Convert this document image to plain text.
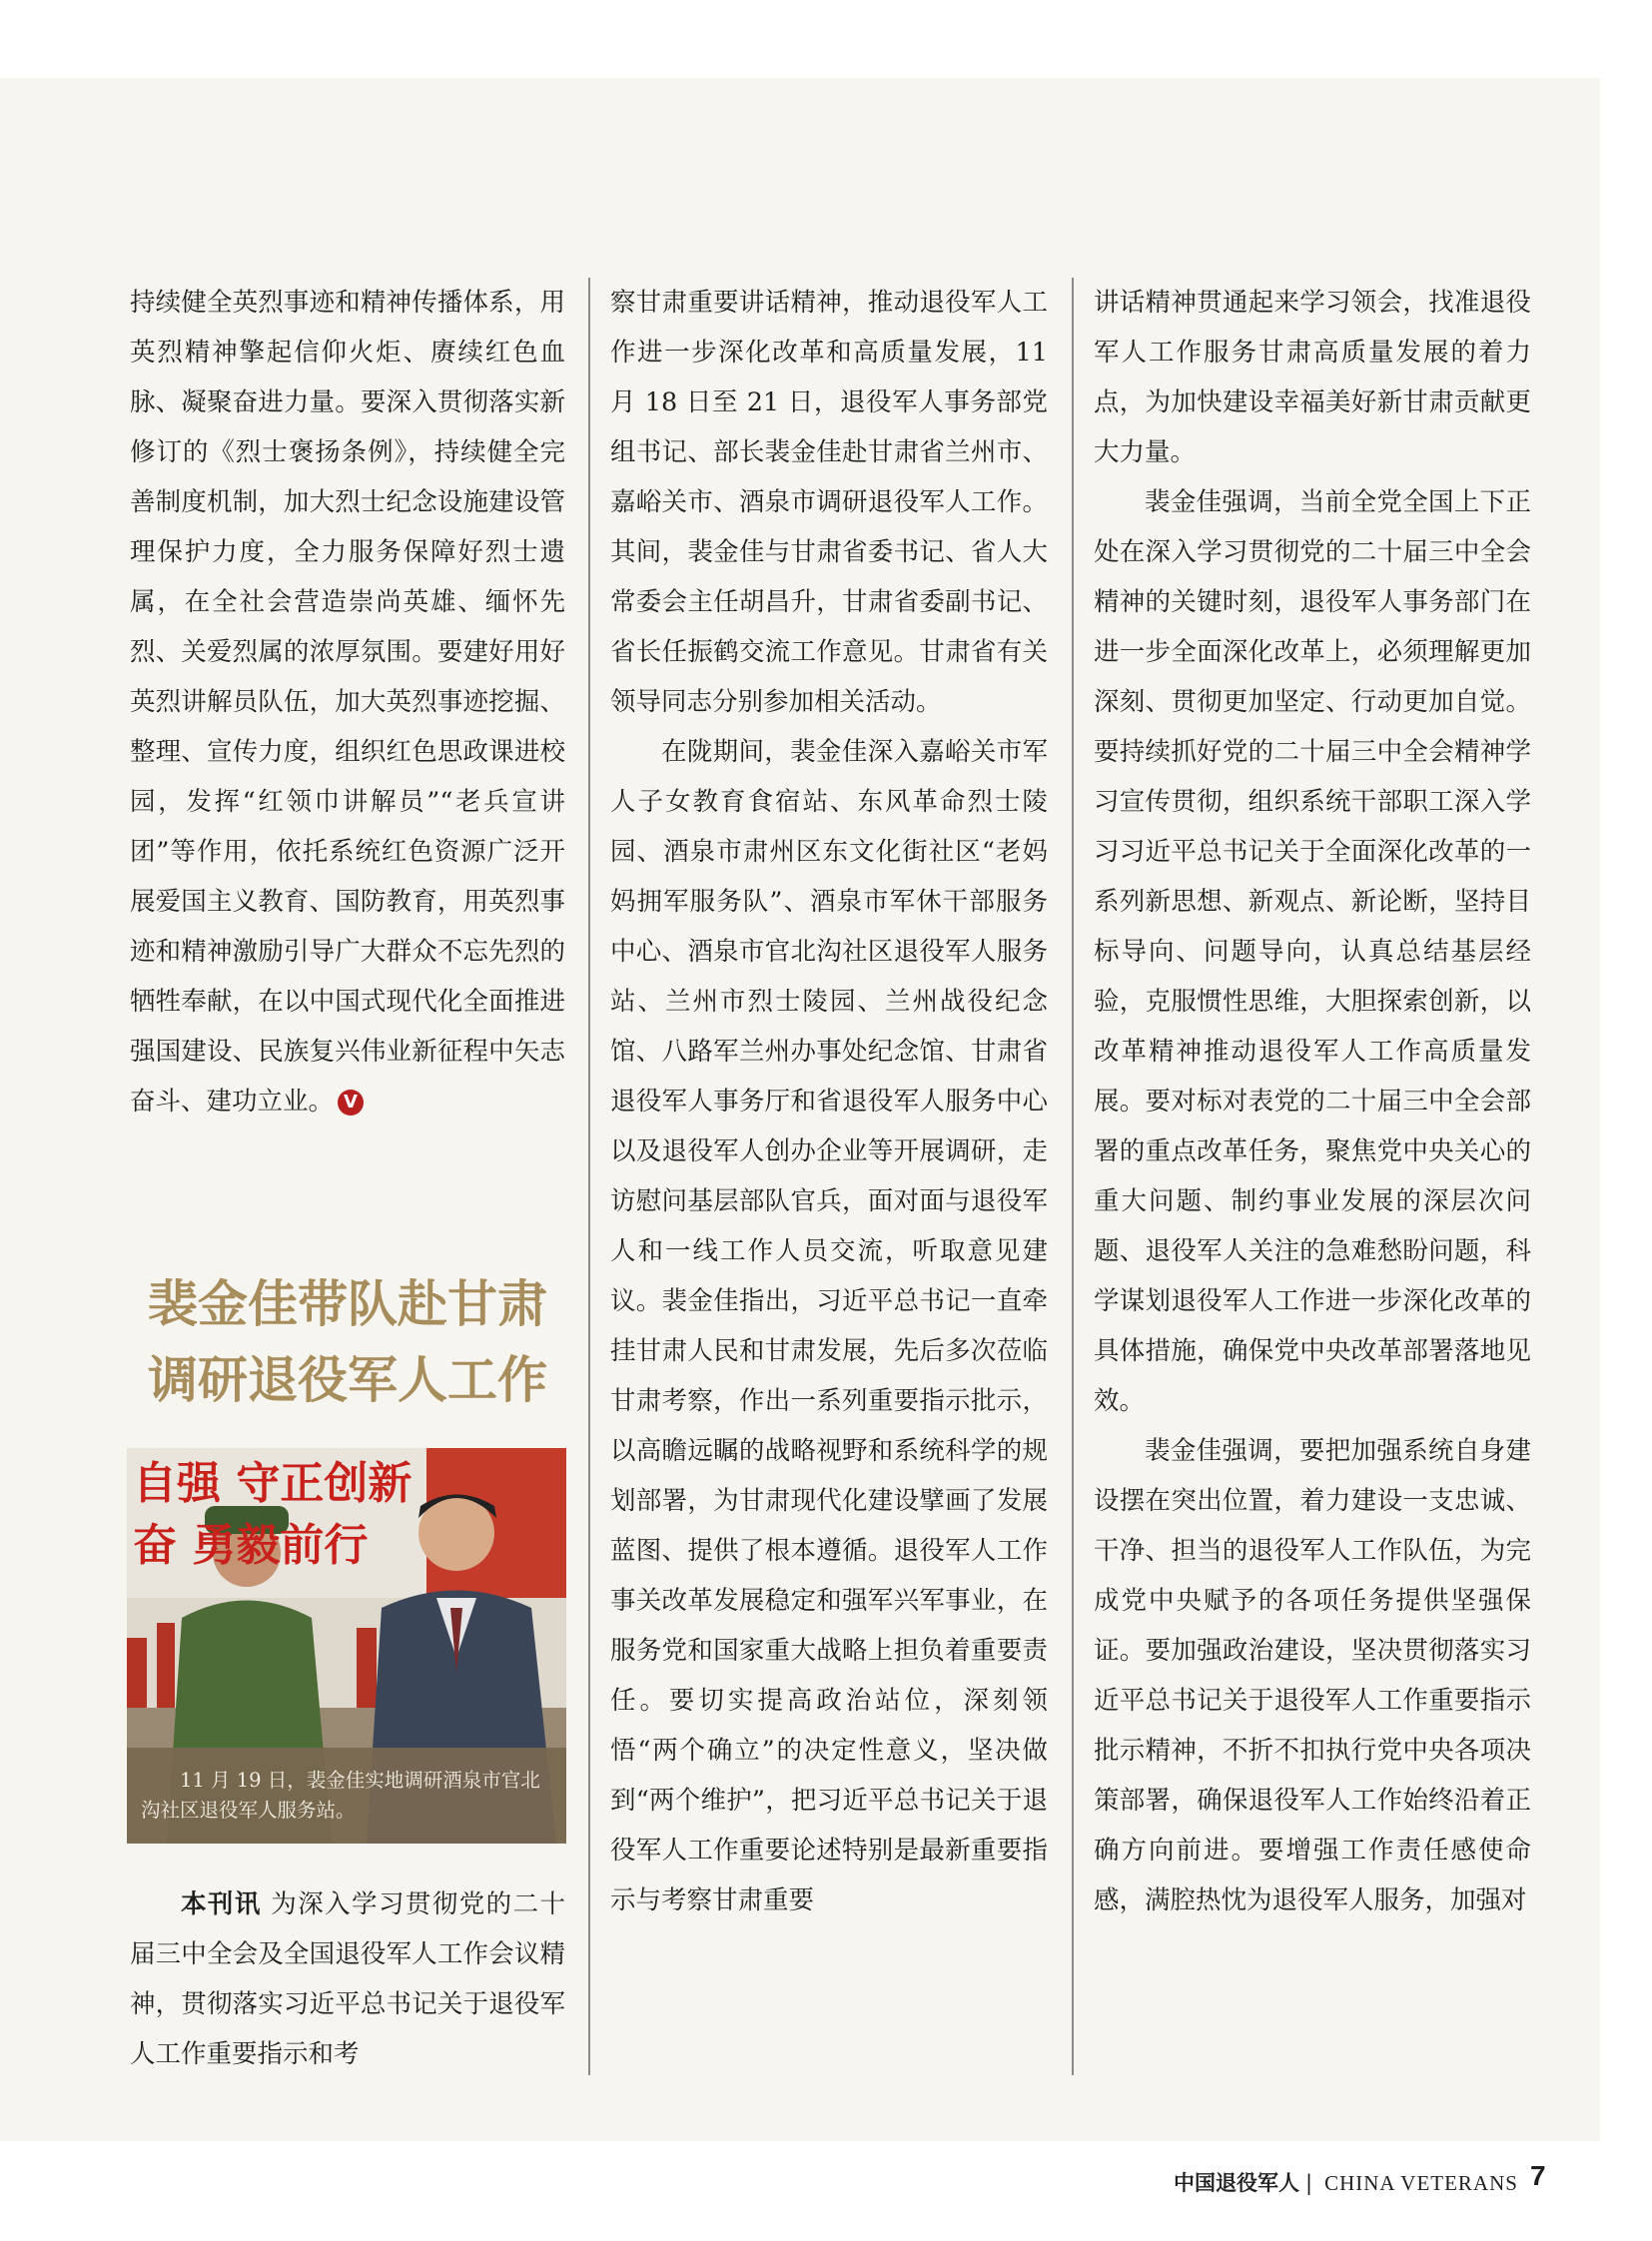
持续健全英烈事迹和精神传播体系，用英烈精神擎起信仰火炬、赓续红色血脉、凝聚奋进力量。要深入贯彻落实新修订的《烈士褒扬条例》，持续健全完善制度机制，加大烈士纪念设施建设管理保护力度，全力服务保障好烈士遗属，在全社会营造崇尚英雄、缅怀先烈、关爱烈属的浓厚氛围。要建好用好英烈讲解员队伍，加大英烈事迹挖掘、整理、宣传力度，组织红色思政课进校园，发挥“红领巾讲解员”“老兵宣讲团”等作用，依托系统红色资源广泛开展爱国主义教育、国防教育，用英烈事迹和精神激励引导广大群众不忘先烈的牺牲奉献，在以中国式现代化全面推进强国建设、民族复兴伟业新征程中矢志奋斗、建功立业。 V

裴金佳带队赴甘肃
调研退役军人工作
自强 守正创新
奋 勇毅前行
11 月 19 日，裴金佳实地调研酒泉市官北沟社区退役军人服务站。

本刊讯 为深入学习贯彻党的二十届三中全会及全国退役军人工作会议精神，贯彻落实习近平总书记关于退役军人工作重要指示和考

察甘肃重要讲话精神，推动退役军人工作进一步深化改革和高质量发展，11 月 18 日至 21 日，退役军人事务部党组书记、部长裴金佳赴甘肃省兰州市、嘉峪关市、酒泉市调研退役军人工作。其间，裴金佳与甘肃省委书记、省人大常委会主任胡昌升，甘肃省委副书记、省长任振鹤交流工作意见。甘肃省有关领导同志分别参加相关活动。

在陇期间，裴金佳深入嘉峪关市军人子女教育食宿站、东风革命烈士陵园、酒泉市肃州区东文化街社区“老妈妈拥军服务队”、酒泉市军休干部服务中心、酒泉市官北沟社区退役军人服务站、兰州市烈士陵园、兰州战役纪念馆、八路军兰州办事处纪念馆、甘肃省退役军人事务厅和省退役军人服务中心以及退役军人创办企业等开展调研，走访慰问基层部队官兵，面对面与退役军人和一线工作人员交流，听取意见建议。裴金佳指出，习近平总书记一直牵挂甘肃人民和甘肃发展，先后多次莅临甘肃考察，作出一系列重要指示批示，以高瞻远瞩的战略视野和系统科学的规划部署，为甘肃现代化建设擘画了发展蓝图、提供了根本遵循。退役军人工作事关改革发展稳定和强军兴军事业，在服务党和国家重大战略上担负着重要责任。要切实提高政治站位，深刻领悟“两个确立”的决定性意义，坚决做到“两个维护”，把习近平总书记关于退役军人工作重要论述特别是最新重要指示与考察甘肃重要

讲话精神贯通起来学习领会，找准退役军人工作服务甘肃高质量发展的着力点，为加快建设幸福美好新甘肃贡献更大力量。

裴金佳强调，当前全党全国上下正处在深入学习贯彻党的二十届三中全会精神的关键时刻，退役军人事务部门在进一步全面深化改革上，必须理解更加深刻、贯彻更加坚定、行动更加自觉。要持续抓好党的二十届三中全会精神学习宣传贯彻，组织系统干部职工深入学习习近平总书记关于全面深化改革的一系列新思想、新观点、新论断，坚持目标导向、问题导向，认真总结基层经验，克服惯性思维，大胆探索创新，以改革精神推动退役军人工作高质量发展。要对标对表党的二十届三中全会部署的重点改革任务，聚焦党中央关心的重大问题、制约事业发展的深层次问题、退役军人关注的急难愁盼问题，科学谋划退役军人工作进一步深化改革的具体措施，确保党中央改革部署落地见效。

裴金佳强调，要把加强系统自身建设摆在突出位置，着力建设一支忠诚、干净、担当的退役军人工作队伍，为完成党中央赋予的各项任务提供坚强保证。要加强政治建设，坚决贯彻落实习近平总书记关于退役军人工作重要指示批示精神，不折不扣执行党中央各项决策部署，确保退役军人工作始终沿着正确方向前进。要增强工作责任感使命感，满腔热忱为退役军人服务，加强对

中国退役军人 | CHINA VETERANS 7
